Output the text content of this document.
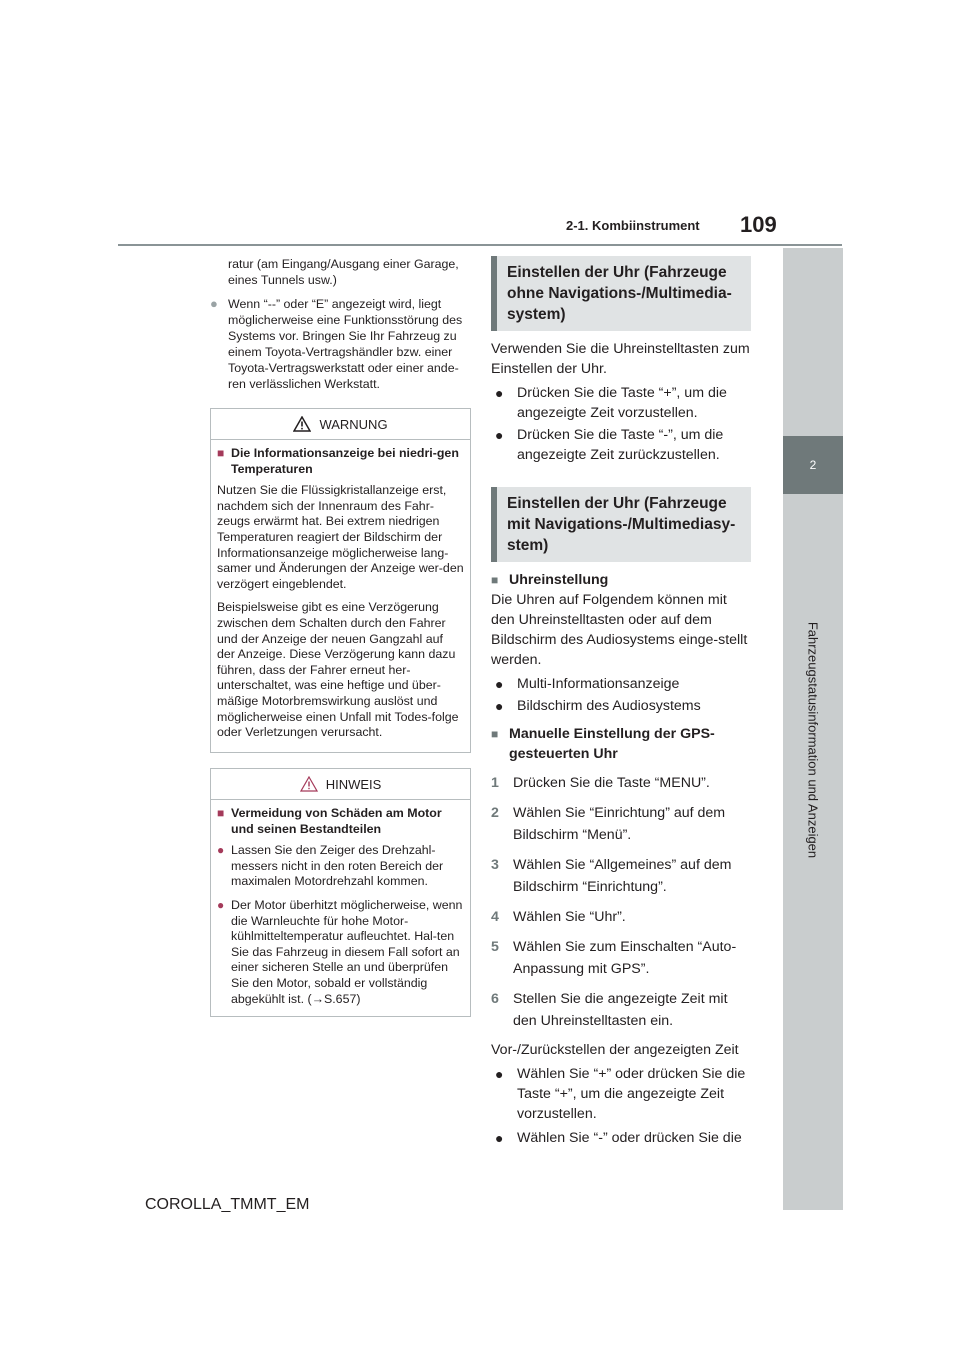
2-1. Kombiinstrument 109
2
Fahrzeugstatusinformation und Anzeigen

ratur (am Eingang/Ausgang einer Garage, eines Tunnels usw.)

● Wenn “--” oder “E” angezeigt wird, liegt möglicherweise eine Funktionsstörung des Systems vor. Bringen Sie Ihr Fahrzeug zu einem Toyota-Vertragshändler bzw. einer Toyota-Vertragswerkstatt oder einer ande-ren verlässlichen Werkstatt.
WARNUNG
■ Die Informationsanzeige bei niedri-gen Temperaturen

Nutzen Sie die Flüssigkristallanzeige erst, nachdem sich der Innenraum des Fahr-zeugs erwärmt hat. Bei extrem niedrigen Temperaturen reagiert der Bildschirm der Informationsanzeige möglicherweise lang-samer und Änderungen der Anzeige wer-den verzögert eingeblendet.

Beispielsweise gibt es eine Verzögerung zwischen dem Schalten durch den Fahrer und der Anzeige der neuen Gangzahl auf der Anzeige. Diese Verzögerung kann dazu führen, dass der Fahrer erneut her-unterschaltet, was eine heftige und über-mäßige Motorbremswirkung auslöst und möglicherweise einen Unfall mit Todes-folge oder Verletzungen verursacht.

HINWEIS
■ Vermeidung von Schäden am Motor und seinen Bestandteilen
● Lassen Sie den Zeiger des Drehzahl-messers nicht in den roten Bereich der maximalen Motordrehzahl kommen.
● Der Motor überhitzt möglicherweise, wenn die Warnleuchte für hohe Motor-kühlmitteltemperatur aufleuchtet. Hal-ten Sie das Fahrzeug in diesem Fall sofort an einer sicheren Stelle an und überprüfen Sie den Motor, sobald er vollständig abgekühlt ist. (→S.657)
Einstellen der Uhr (Fahrzeuge ohne Navigations-/Multimedia-system)

Verwenden Sie die Uhreinstelltasten zum Einstellen der Uhr.

● Drücken Sie die Taste “+”, um die angezeigte Zeit vorzustellen.
● Drücken Sie die Taste “-”, um die angezeigte Zeit zurückzustellen.
Einstellen der Uhr (Fahrzeuge mit Navigations-/Multimediasy-stem)
■ Uhreinstellung

Die Uhren auf Folgendem können mit den Uhreinstelltasten oder auf dem Bildschirm des Audiosystems einge-stellt werden.

● Multi-Informationsanzeige
● Bildschirm des Audiosystems
■ Manuelle Einstellung der GPS-gesteuerten Uhr
1 Drücken Sie die Taste “MENU”.
2 Wählen Sie “Einrichtung” auf dem Bildschirm “Menü”.
3 Wählen Sie “Allgemeines” auf dem Bildschirm “Einrichtung”.
4 Wählen Sie “Uhr”.
5 Wählen Sie zum Einschalten “Auto-Anpassung mit GPS”.
6 Stellen Sie die angezeigte Zeit mit den Uhreinstelltasten ein.

Vor-/Zurückstellen der angezeigten Zeit

● Wählen Sie “+” oder drücken Sie die Taste “+”, um die angezeigte Zeit vorzustellen.
● Wählen Sie “-” oder drücken Sie die
COROLLA_TMMT_EM
